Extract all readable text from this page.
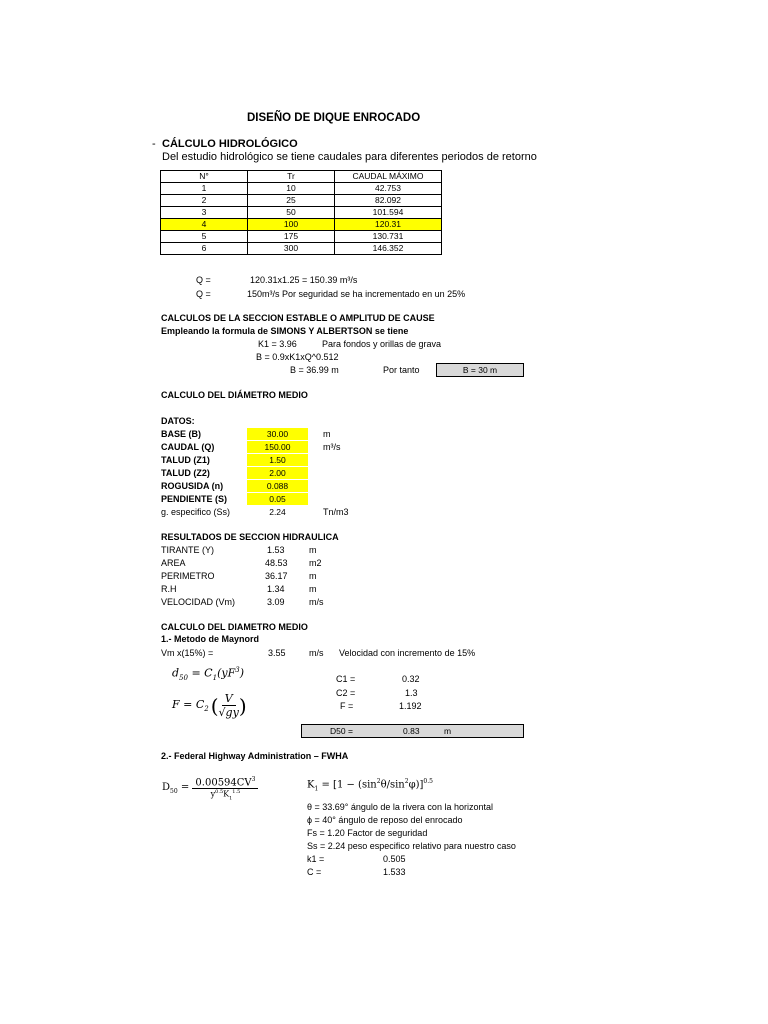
DISEÑO DE DIQUE ENROCADO
- CÁLCULO HIDROLÓGICO
Del estudio hidrológico se tiene caudales para diferentes periodos de retorno
N°	Tr	CAUDAL MÁXIMO
1	10	42.753
2	25	82.092
3	50	101.594
4	100	120.31
5	175	130.731
6	300	146.352
Q =	120.31x1.25 = 150.39 m³/s
Q =	150m³/s Por seguridad se ha incrementado en un 25%
CALCULOS DE LA SECCION ESTABLE O AMPLITUD DE CAUSE
Empleando la formula de SIMONS Y ALBERTSON se tiene
K1 = 3.96	Para fondos y orillas de grava
B = 0.9xK1xQ^0.512
B = 36.99 m	Por tanto	B = 30 m
CALCULO DEL DIÁMETRO MEDIO
DATOS:
BASE (B)	30.00	m
CAUDAL (Q)	150.00	m³/s
TALUD (Z1)	1.50
TALUD (Z2)	2.00
ROGUSIDA (n)	0.088
PENDIENTE (S)	0.05
g. especifico (Ss)	2.24	Tn/m3
RESULTADOS DE SECCION HIDRAULICA
TIRANTE (Y)	1.53	m
AREA	48.53 m2
PERIMETRO	36.17 m
R.H	1.34	m
VELOCIDAD (Vm)	3.09	m/s
CALCULO DEL DIAMETRO MEDIO
1.- Metodo de Maynord
Vm x(15%) =	3.55	m/s Velocidad con incremento de 15%
$d_{50} = C_1(yF^3)$
$F = C_2$ ( $\frac{V}{√gy}$ )
C1 =	0.32
C2 =	1.3
F =	1.192
D50 =	0.83	m
2.- Federal Highway Administration – FWHA
$D_{50} = \frac{0.00594CV^3}{y^{0.5}K_1^{1.5}}$	$K_1 = [1 - (\sin^2\theta/\sin^2\varphi)]^{0.5}$
θ = 33.69° ángulo de la rivera con la horizontal
ϕ = 40° ángulo de reposo del enrocado
Fs = 1.20 Factor de seguridad
Ss = 2.24 peso especifico relativo para nuestro caso
k1 =	0.505
C =	1.533
